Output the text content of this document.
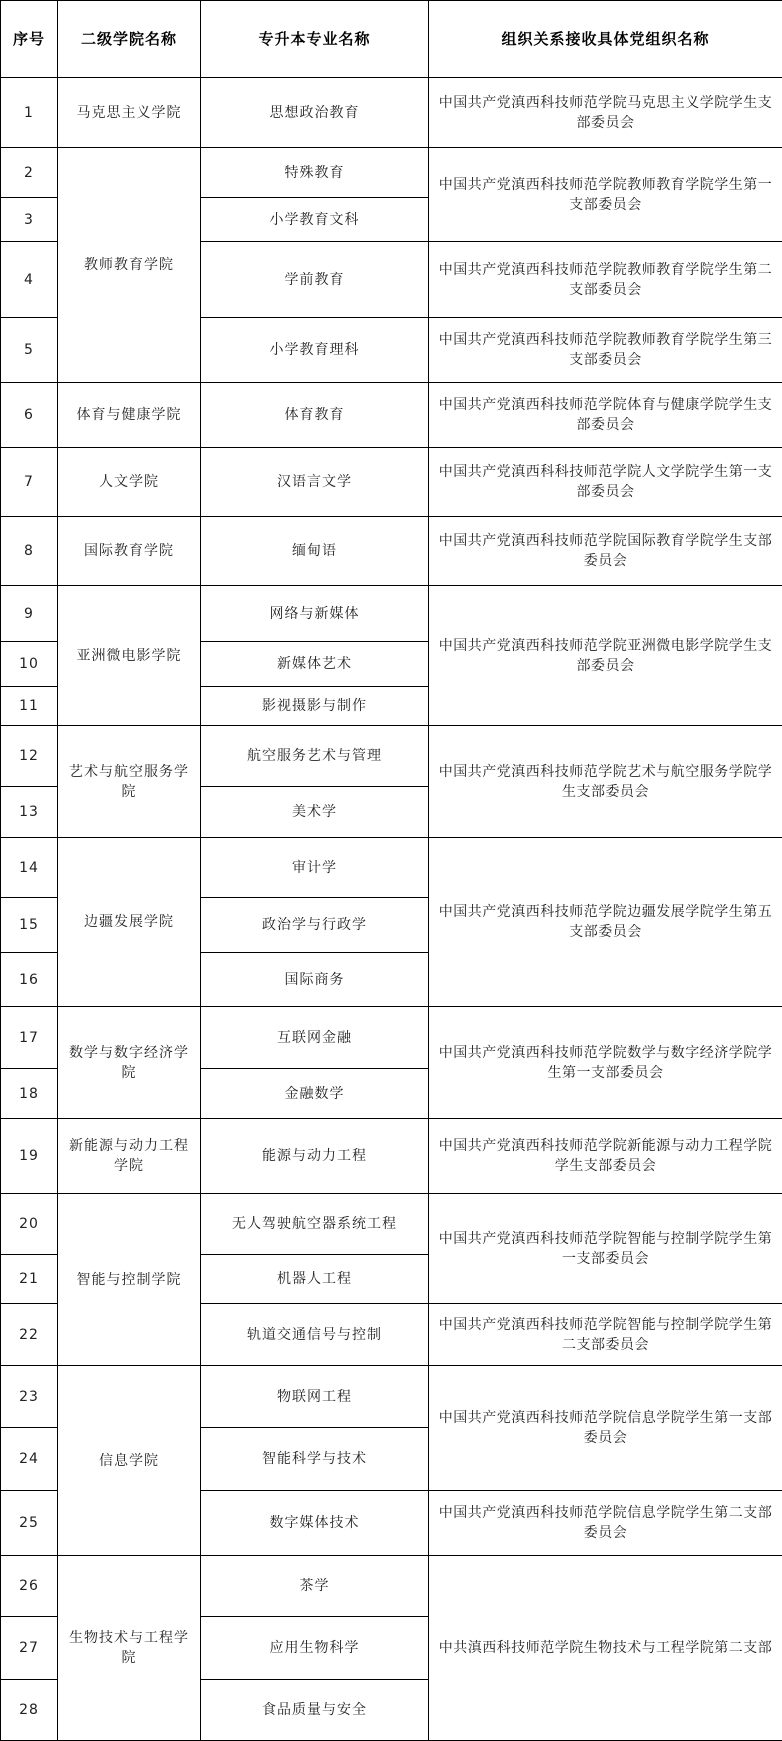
序号	二级学院名称	专升本专业名称	组织关系接收具体党组织名称
1	马克思主义学院	思想政治教育	中国共产党滇西科技师范学院马克思主义学院学生支部委员会
2	教师教育学院	特殊教育	中国共产党滇西科技师范学院教师教育学院学生第一支部委员会
3		小学教育文科	
4		学前教育	中国共产党滇西科技师范学院教师教育学院学生第二支部委员会
5		小学教育理科	中国共产党滇西科技师范学院教师教育学院学生第三支部委员会
6	体育与健康学院	体育教育	中国共产党滇西科技师范学院体育与健康学院学生支部委员会
7	人文学院	汉语言文学	中国共产党滇西科科技师范学院人文学院学生第一支部委员会
8	国际教育学院	缅甸语	中国共产党滇西科技师范学院国际教育学院学生支部委员会
9	亚洲微电影学院	网络与新媒体	中国共产党滇西科技师范学院亚洲微电影学院学生支部委员会
10		新媒体艺术	
11		影视摄影与制作	
12	艺术与航空服务学院	航空服务艺术与管理	中国共产党滇西科技师范学院艺术与航空服务学院学生支部委员会
13		美术学	
14	边疆发展学院	审计学	中国共产党滇西科技师范学院边疆发展学院学生第五支部委员会
15		政治学与行政学	
16		国际商务	
17	数学与数字经济学院	互联网金融	中国共产党滇西科技师范学院数学与数字经济学院学生第一支部委员会
18		金融数学	
19	新能源与动力工程学院	能源与动力工程	中国共产党滇西科技师范学院新能源与动力工程学院学生支部委员会
20	智能与控制学院	无人驾驶航空器系统工程	中国共产党滇西科技师范学院智能与控制学院学生第一支部委员会
21		机器人工程	
22		轨道交通信号与控制	中国共产党滇西科技师范学院智能与控制学院学生第二支部委员会
23	信息学院	物联网工程	中国共产党滇西科技师范学院信息学院学生第一支部委员会
24		智能科学与技术	
25		数字媒体技术	中国共产党滇西科技师范学院信息学院学生第二支部委员会
26	生物技术与工程学院	茶学	中共滇西科技师范学院生物技术与工程学院第二支部
27		应用生物科学	
28		食品质量与安全	
